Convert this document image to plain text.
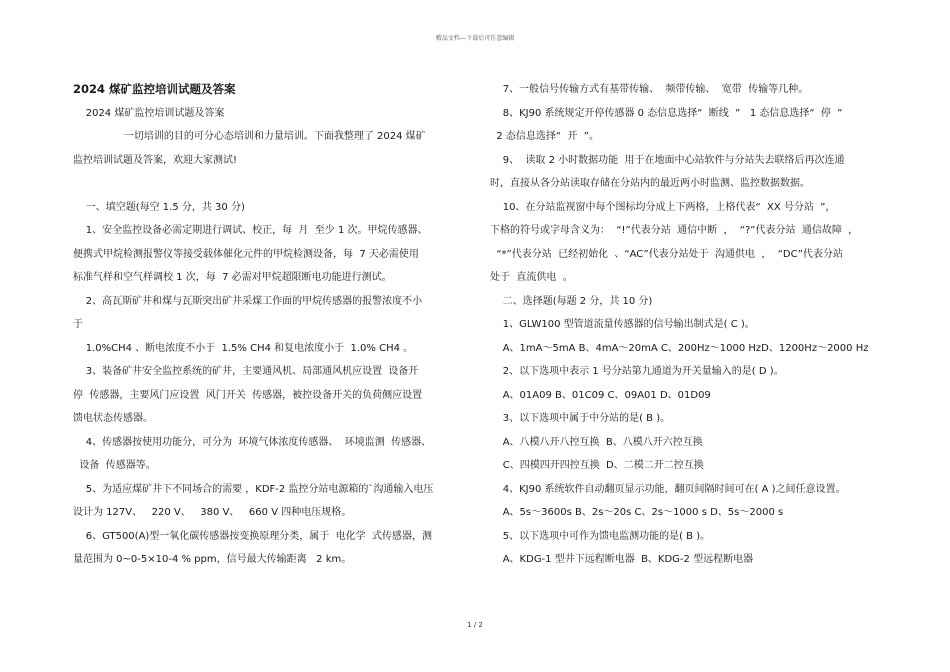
精品文档---下载后可任意编辑
2024 煤矿监控培训试题及答案
2024 煤矿监控培训试题及答案
一切培训的目的可分心态培训和力量培训。下面我整理了 2024 煤矿
监控培训试题及答案，欢迎大家测试!
一、填空题(每空 1.5 分，共 30 分)
1、安全监控设备必需定期进行调试、校正，每  月  至少 1 次。甲烷传感器、
便携式甲烷检测报警仪等接受载体催化元件的甲烷检测设备，每  7 天必需使用
标准气样和空气样调校 1 次，每  7 必需对甲烷超限断电功能进行测试。
2、高瓦斯矿井和煤与瓦斯突出矿井采煤工作面的甲烷传感器的报警浓度不小
于
1.0%CH4 、断电浓度不小于  1.5% CH4 和复电浓度小于  1.0% CH4 。
3、装备矿井安全监控系统的矿井，主要通风机、局部通风机应设置  设备开
停  传感器，主要风门应设置  风门开关  传感器，被控设备开关的负荷侧应设置
馈电状态传感器。
4、传感器按使用功能分，可分为  环境气体浓度传感器、  环境监测  传感器、
设备  传感器等。
5、为适应煤矿井下不同场合的需要 ，KDF-2 监控分站电源箱的`沟通输入电压
设计为 127V、   220 V、   380 V、   660 V 四种电压规格。
6、GT500(A)型一氧化碳传感器按变换原理分类，属于  电化学  式传感器，测
量范围为 0~0-5×10-4 % ppm，信号最大传输距离   2 km。
7、一般信号传输方式有基带传输、  频带传输、  宽带  传输等几种。
8、KJ90 系统规定开停传感器 0 态信息选择“  断线  ”   1 态信息选择“  停  ”
2 态信息选择“  开  ”。
9、  读取 2 小时数据功能  用于在地面中心站软件与分站失去联络后再次连通
时，直接从各分站读取存储在分站内的最近两小时监测、监控数据数据。
10、在分站监视窗中每个图标均分成上下两格，上格代表“  XX 号分站  ”，
下格的符号或字母含义为：  “!”代表分站  通信中断  ，  “?”代表分站  通信故障  ，
“*”代表分站  已经初始化  、“AC”代表分站处于  沟通供电  ，  “DC”代表分站
处于  直流供电  。
二、选择题(每题 2 分，共 10 分)
1、GLW100 型管道流量传感器的信号输出制式是( C )。
A、1mA～5mA B、4mA～20mA C、200Hz～1000 HzD、1200Hz～2000 Hz
2、以下选项中表示 1 号分站第九通道为开关量输入的是( D )。
A、01A09 B、01C09 C、09A01 D、01D09
3、以下选项中属于中分站的是( B )。
A、八模八开八控互换  B、八模八开六控互换
C、四模四开四控互换  D、二模二开二控互换
4、KJ90 系统软件自动翻页显示功能，翻页间隔时间可在( A )之间任意设置。
A、5s～3600s B、2s～20s C、2s～1000 s D、5s～2000 s
5、以下选项中可作为馈电监测功能的是( B )。
A、KDG-1 型井下远程断电器  B、KDG-2 型远程断电器
1 / 2
